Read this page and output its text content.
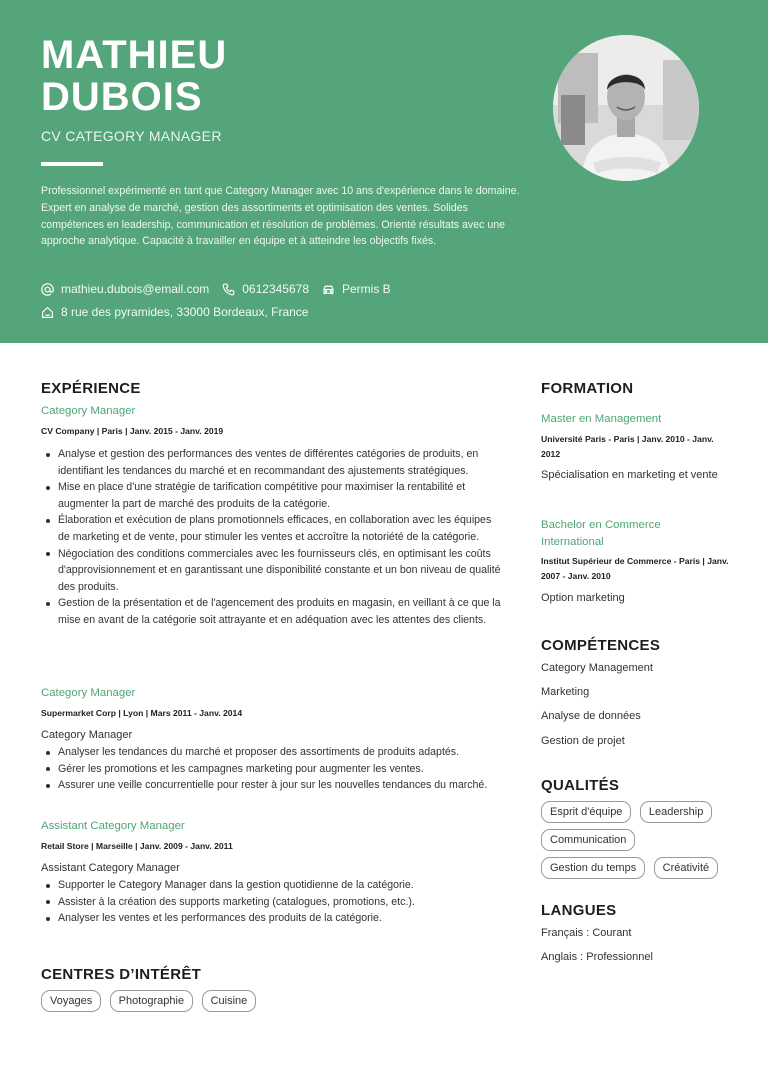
MATHIEU
DUBOIS
CV CATEGORY MANAGER
Professionnel expérimenté en tant que Category Manager avec 10 ans d'expérience dans le domaine. Expert en analyse de marché, gestion des assortiments et optimisation des ventes. Solides compétences en leadership, communication et résolution de problèmes. Orienté résultats avec une approche analytique. Capacité à travailler en équipe et à atteindre les objectifs fixés.
mathieu.dubois@email.com	0612345678	Permis B
8 rue des pyramides, 33000 Bordeaux, France
EXPÉRIENCE
Category Manager
CV Company | Paris | Janv. 2015 - Janv. 2019
Analyse et gestion des performances des ventes de différentes catégories de produits, en identifiant les tendances du marché et en recommandant des ajustements stratégiques.
Mise en place d'une stratégie de tarification compétitive pour maximiser la rentabilité et augmenter la part de marché des produits de la catégorie.
Élaboration et exécution de plans promotionnels efficaces, en collaboration avec les équipes de marketing et de vente, pour stimuler les ventes et accroître la notoriété de la catégorie.
Négociation des conditions commerciales avec les fournisseurs clés, en optimisant les coûts d'approvisionnement et en garantissant une disponibilité constante et un bon niveau de qualité des produits.
Gestion de la présentation et de l'agencement des produits en magasin, en veillant à ce que la mise en avant de la catégorie soit attrayante et en adéquation avec les attentes des clients.
Category Manager
Supermarket Corp | Lyon | Mars 2011 - Janv. 2014
Category Manager
Analyser les tendances du marché et proposer des assortiments de produits adaptés.
Gérer les promotions et les campagnes marketing pour augmenter les ventes.
Assurer une veille concurrentielle pour rester à jour sur les nouvelles tendances du marché.
Assistant Category Manager
Retail Store | Marseille | Janv. 2009 - Janv. 2011
Assistant Category Manager
Supporter le Category Manager dans la gestion quotidienne de la catégorie.
Assister à la création des supports marketing (catalogues, promotions, etc.).
Analyser les ventes et les performances des produits de la catégorie.
CENTRES D’INTÉRÊT
Voyages Photographie Cuisine
FORMATION
Master en Management
Université Paris - Paris | Janv. 2010 - Janv. 2012
Spécialisation en marketing et vente
Bachelor en Commerce International
Institut Supérieur de Commerce - Paris | Janv. 2007 - Janv. 2010
Option marketing
COMPÉTENCES
Category Management
Marketing
Analyse de données
Gestion de projet
QUALITÉS
Esprit d'équipe Leadership
Communication
Gestion du temps Créativité
LANGUES
Français : Courant
Anglais : Professionnel
